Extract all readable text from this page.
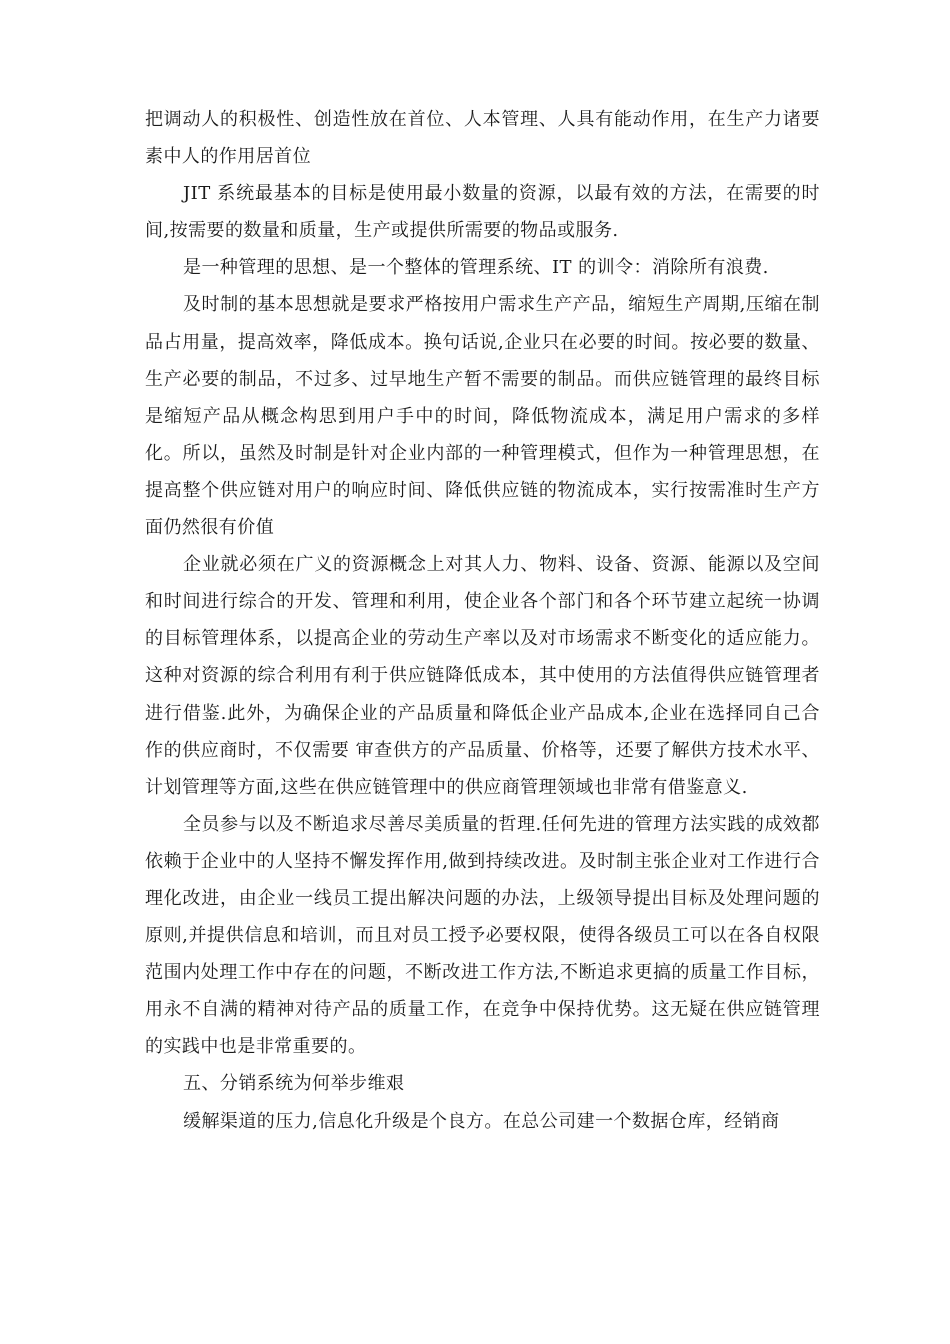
把调动人的积极性、创造性放在首位、人本管理、人具有能动作用，在生产力诸要素中人的作用居首位

JIT 系统最基本的目标是使用最小数量的资源，以最有效的方法，在需要的时间,按需要的数量和质量，生产或提供所需要的物品或服务.

是一种管理的思想、是一个整体的管理系统、IT 的训令：消除所有浪费.

及时制的基本思想就是要求严格按用户需求生产产品，缩短生产周期,压缩在制品占用量，提高效率，降低成本。换句话说,企业只在必要的时间。按必要的数量、生产必要的制品，不过多、过早地生产暂不需要的制品。而供应链管理的最终目标是缩短产品从概念构思到用户手中的时间，降低物流成本，满足用户需求的多样化。所以，虽然及时制是针对企业内部的一种管理模式，但作为一种管理思想，在提高整个供应链对用户的响应时间、降低供应链的物流成本，实行按需准时生产方面仍然很有价值

企业就必须在广义的资源概念上对其人力、物料、设备、资源、能源以及空间和时间进行综合的开发、管理和利用，使企业各个部门和各个环节建立起统一协调的目标管理体系，以提高企业的劳动生产率以及对市场需求不断变化的适应能力。这种对资源的综合利用有利于供应链降低成本，其中使用的方法值得供应链管理者进行借鉴.此外，为确保企业的产品质量和降低企业产品成本,企业在选择同自己合作的供应商时，不仅需要 审查供方的产品质量、价格等，还要了解供方技术水平、计划管理等方面,这些在供应链管理中的供应商管理领域也非常有借鉴意义.

全员参与以及不断追求尽善尽美质量的哲理.任何先进的管理方法实践的成效都依赖于企业中的人坚持不懈发挥作用,做到持续改进。及时制主张企业对工作进行合理化改进，由企业一线员工提出解决问题的办法，上级领导提出目标及处理问题的原则,并提供信息和培训，而且对员工授予必要权限，使得各级员工可以在各自权限范围内处理工作中存在的问题，不断改进工作方法,不断追求更搞的质量工作目标，用永不自满的精神对待产品的质量工作，在竞争中保持优势。这无疑在供应链管理的实践中也是非常重要的。

五、分销系统为何举步维艰

缓解渠道的压力,信息化升级是个良方。在总公司建一个数据仓库，经销商
